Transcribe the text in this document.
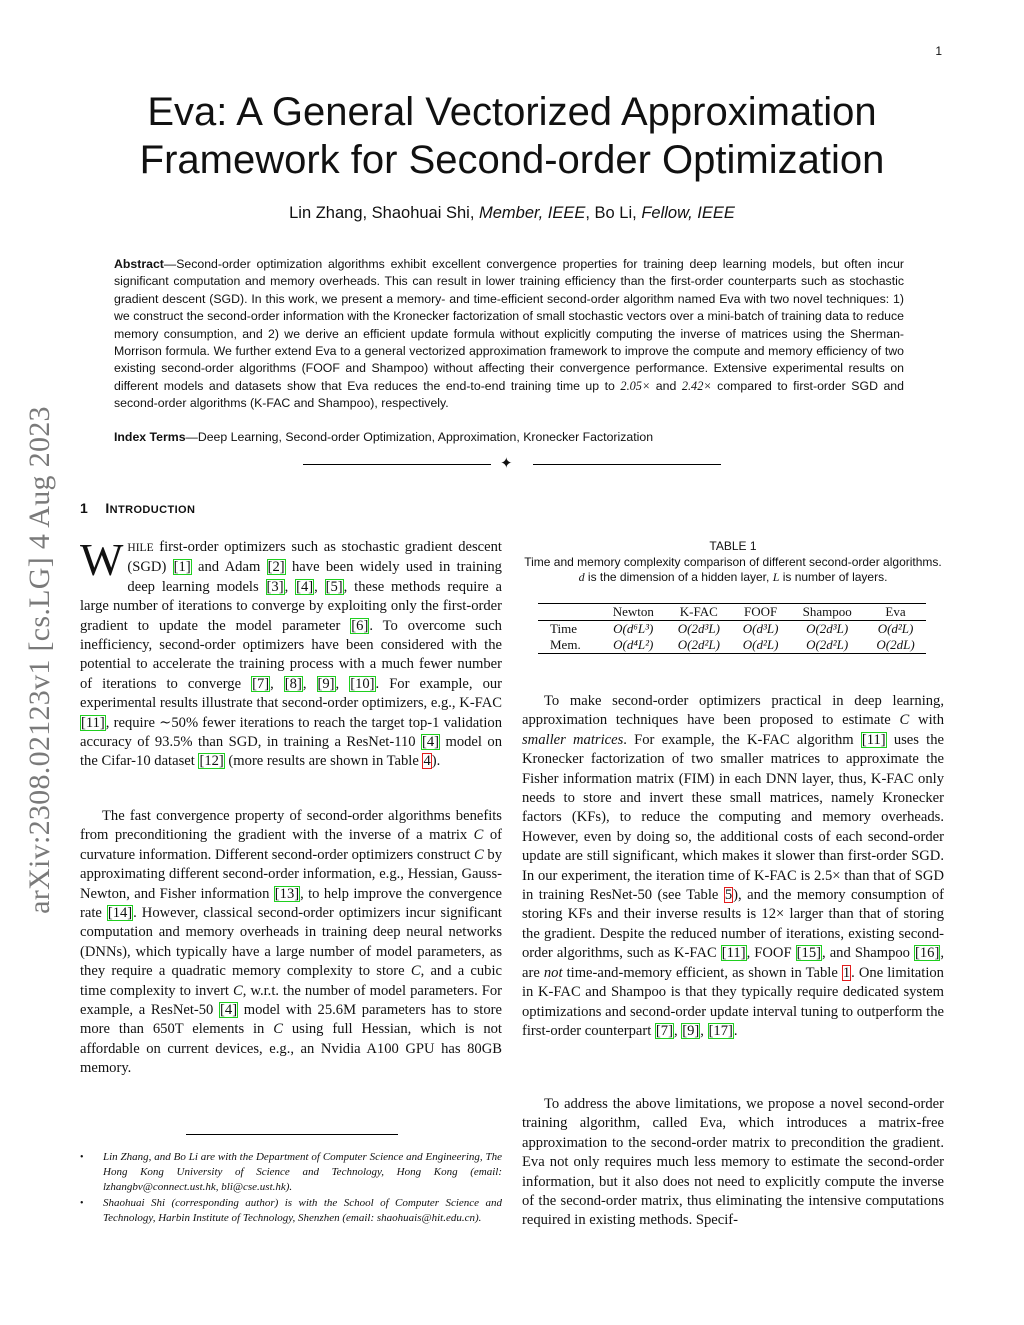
1
arXiv:2308.02123v1 [cs.LG] 4 Aug 2023
Eva: A General Vectorized Approximation Framework for Second-order Optimization
Lin Zhang, Shaohuai Shi, Member, IEEE, Bo Li, Fellow, IEEE

Abstract—Second-order optimization algorithms exhibit excellent convergence properties for training deep learning models, but often incur significant computation and memory overheads. This can result in lower training efficiency than the first-order counterparts such as stochastic gradient descent (SGD). In this work, we present a memory- and time-efficient second-order algorithm named Eva with two novel techniques: 1) we construct the second-order information with the Kronecker factorization of small stochastic vectors over a mini-batch of training data to reduce memory consumption, and 2) we derive an efficient update formula without explicitly computing the inverse of matrices using the Sherman-Morrison formula. We further extend Eva to a general vectorized approximation framework to improve the compute and memory efficiency of two existing second-order algorithms (FOOF and Shampoo) without affecting their convergence performance. Extensive experimental results on different models and datasets show that Eva reduces the end-to-end training time up to 2.05× and 2.42× compared to first-order SGD and second-order algorithms (K-FAC and Shampoo), respectively.

Index Terms—Deep Learning, Second-order Optimization, Approximation, Kronecker Factorization

✦
1 INTRODUCTION

WHILE first-order optimizers such as stochastic gradient descent (SGD) [1] and Adam [2] have been widely used in training deep learning models [3], [4], [5], these methods require a large number of iterations to converge by exploiting only the first-order gradient to update the model parameter [6]. To overcome such inefficiency, second-order optimizers have been considered with the potential to accelerate the training process with a much fewer number of iterations to converge [7], [8], [9], [10]. For example, our experimental results illustrate that second-order optimizers, e.g., K-FAC [11], require ∼50% fewer iterations to reach the target top-1 validation accuracy of 93.5% than SGD, in training a ResNet-110 [4] model on the Cifar-10 dataset [12] (more results are shown in Table 4).

The fast convergence property of second-order algorithms benefits from preconditioning the gradient with the inverse of a matrix C of curvature information. Different second-order optimizers construct C by approximating different second-order information, e.g., Hessian, Gauss-Newton, and Fisher information [13], to help improve the convergence rate [14]. However, classical second-order optimizers incur significant computation and memory overheads in training deep neural networks (DNNs), which typically have a large number of model parameters, as they require a quadratic memory complexity to store C, and a cubic time complexity to invert C, w.r.t. the number of model parameters. For example, a ResNet-50 [4] model with 25.6M parameters has to store more than 650T elements in C using full Hessian, which is not affordable on current devices, e.g., an Nvidia A100 GPU has 80GB memory.

• Lin Zhang, and Bo Li are with the Department of Computer Science and Engineering, The Hong Kong University of Science and Technology, Hong Kong (email: lzhangbv@connect.ust.hk, bli@cse.ust.hk).
• Shaohuai Shi (corresponding author) is with the School of Computer Science and Technology, Harbin Institute of Technology, Shenzhen (email: shaohuais@hit.edu.cn).
TABLE 1
Time and memory complexity comparison of different second-order algorithms. d is the dimension of a hidden layer, L is number of layers.
	Newton	K-FAC	FOOF	Shampoo	Eva
Time	O(d⁶L³)	O(2d³L)	O(d³L)	O(2d³L)	O(d²L)
Mem.	O(d⁴L²)	O(2d²L)	O(d²L)	O(2d²L)	O(2dL)

To make second-order optimizers practical in deep learning, approximation techniques have been proposed to estimate C with smaller matrices. For example, the K-FAC algorithm [11] uses the Kronecker factorization of two smaller matrices to approximate the Fisher information matrix (FIM) in each DNN layer, thus, K-FAC only needs to store and invert these small matrices, namely Kronecker factors (KFs), to reduce the computing and memory overheads. However, even by doing so, the additional costs of each second-order update are still significant, which makes it slower than first-order SGD. In our experiment, the iteration time of K-FAC is 2.5× than that of SGD in training ResNet-50 (see Table 5), and the memory consumption of storing KFs and their inverse results is 12× larger than that of storing the gradient. Despite the reduced number of iterations, existing second-order algorithms, such as K-FAC [11], FOOF [15], and Shampoo [16], are not time-and-memory efficient, as shown in Table 1. One limitation in K-FAC and Shampoo is that they typically require dedicated system optimizations and second-order update interval tuning to outperform the first-order counterpart [7], [9], [17].

To address the above limitations, we propose a novel second-order training algorithm, called Eva, which introduces a matrix-free approximation to the second-order matrix to precondition the gradient. Eva not only requires much less memory to estimate the second-order information, but it also does not need to explicitly compute the inverse of the second-order matrix, thus eliminating the intensive computations required in existing methods. Specif-
